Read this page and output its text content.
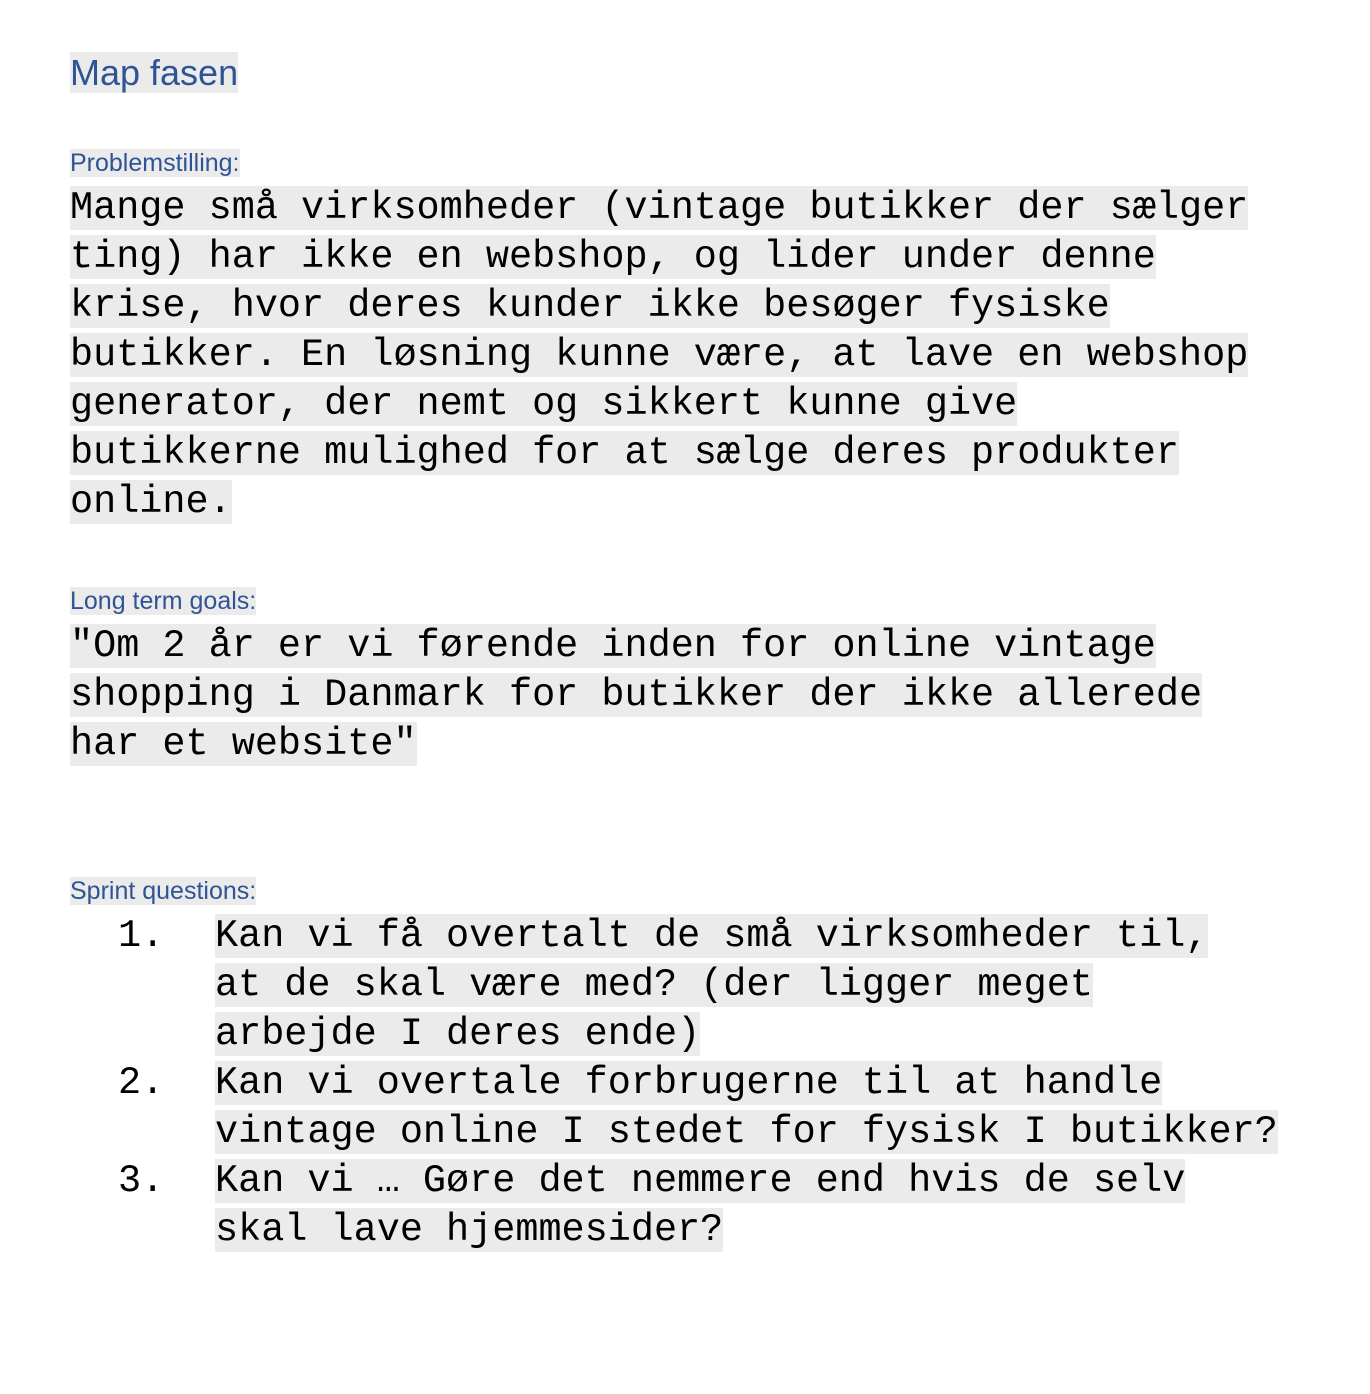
Map fasen
Problemstilling:

Mange små virksomheder (vintage butikker der sælger ting) har ikke en webshop, og lider under denne krise, hvor deres kunder ikke besøger fysiske butikker. En løsning kunne være, at lave en webshop generator, der nemt og sikkert kunne give butikkerne mulighed for at sælge deres produkter online.

Long term goals:

"Om 2 år er vi førende inden for online vintage shopping i Danmark for butikker der ikke allerede har et website"

Sprint questions:
1. Kan vi få overtalt de små virksomheder til, at de skal være med? (der ligger meget arbejde I deres ende)
2. Kan vi overtale forbrugerne til at handle vintage online I stedet for fysisk I butikker?
3. Kan vi … Gøre det nemmere end hvis de selv skal lave hjemmesider?
